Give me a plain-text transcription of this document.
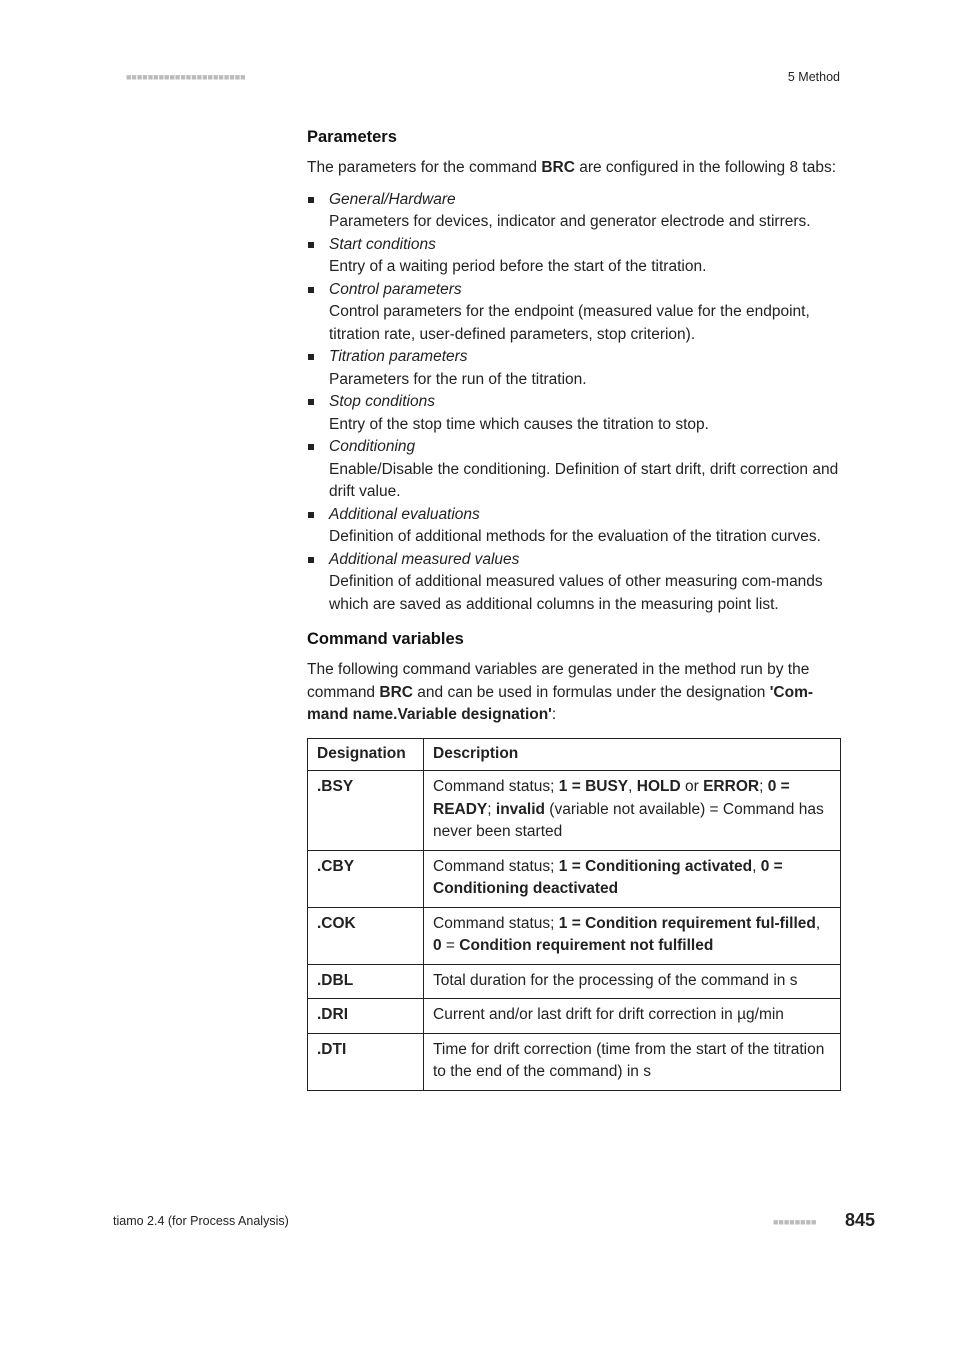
■■■■■■■■■■■■■■■■■■■■■■	5 Method
Parameters

The parameters for the command BRC are configured in the following 8 tabs:

General/Hardware
Parameters for devices, indicator and generator electrode and stirrers.
Start conditions
Entry of a waiting period before the start of the titration.
Control parameters
Control parameters for the endpoint (measured value for the endpoint, titration rate, user-defined parameters, stop criterion).
Titration parameters
Parameters for the run of the titration.
Stop conditions
Entry of the stop time which causes the titration to stop.
Conditioning
Enable/Disable the conditioning. Definition of start drift, drift correction and drift value.
Additional evaluations
Definition of additional methods for the evaluation of the titration curves.
Additional measured values
Definition of additional measured values of other measuring com-mands which are saved as additional columns in the measuring point list.
Command variables

The following command variables are generated in the method run by the command BRC and can be used in formulas under the designation 'Com-mand name.Variable designation':

Designation	Description
.BSY	Command status; 1 = BUSY, HOLD or ERROR; 0 = READY; invalid (variable not available) = Command has never been started
.CBY	Command status; 1 = Conditioning activated, 0 = Conditioning deactivated
.COK	Command status; 1 = Condition requirement ful-filled, 0 = Condition requirement not fulfilled
.DBL	Total duration for the processing of the command in s
.DRI	Current and/or last drift for drift correction in µg/min
.DTI	Time for drift correction (time from the start of the titration to the end of the command) in s
tiamo 2.4 (for Process Analysis)	■■■■■■■■ 845
